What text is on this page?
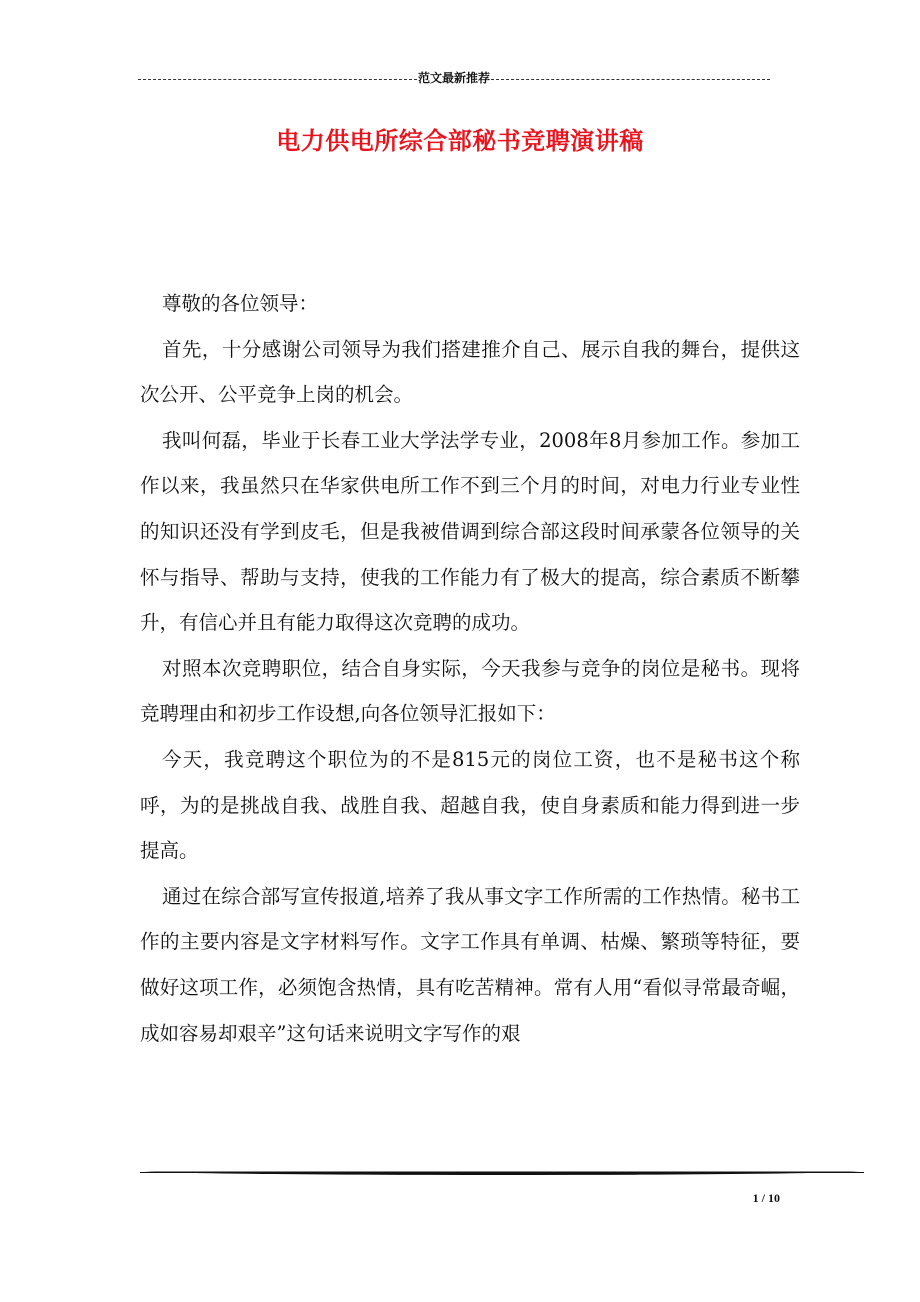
范文最新推荐
电力供电所综合部秘书竞聘演讲稿

尊敬的各位领导：

首先，十分感谢公司领导为我们搭建推介自己、展示自我的舞台，提供这次公开、公平竞争上岗的机会。

我叫何磊，毕业于长春工业大学法学专业，2008年8月参加工作。参加工作以来，我虽然只在华家供电所工作不到三个月的时间，对电力行业专业性的知识还没有学到皮毛，但是我被借调到综合部这段时间承蒙各位领导的关怀与指导、帮助与支持，使我的工作能力有了极大的提高，综合素质不断攀升，有信心并且有能力取得这次竞聘的成功。

对照本次竞聘职位，结合自身实际，今天我参与竞争的岗位是秘书。现将竞聘理由和初步工作设想,向各位领导汇报如下：

今天，我竞聘这个职位为的不是815元的岗位工资，也不是秘书这个称呼，为的是挑战自我、战胜自我、超越自我，使自身素质和能力得到进一步提高。

通过在综合部写宣传报道,培养了我从事文字工作所需的工作热情。秘书工作的主要内容是文字材料写作。文字工作具有单调、枯燥、繁琐等特征，要做好这项工作，必须饱含热情，具有吃苦精神。常有人用“看似寻常最奇崛，成如容易却艰辛”这句话来说明文字写作的艰

1 / 10
